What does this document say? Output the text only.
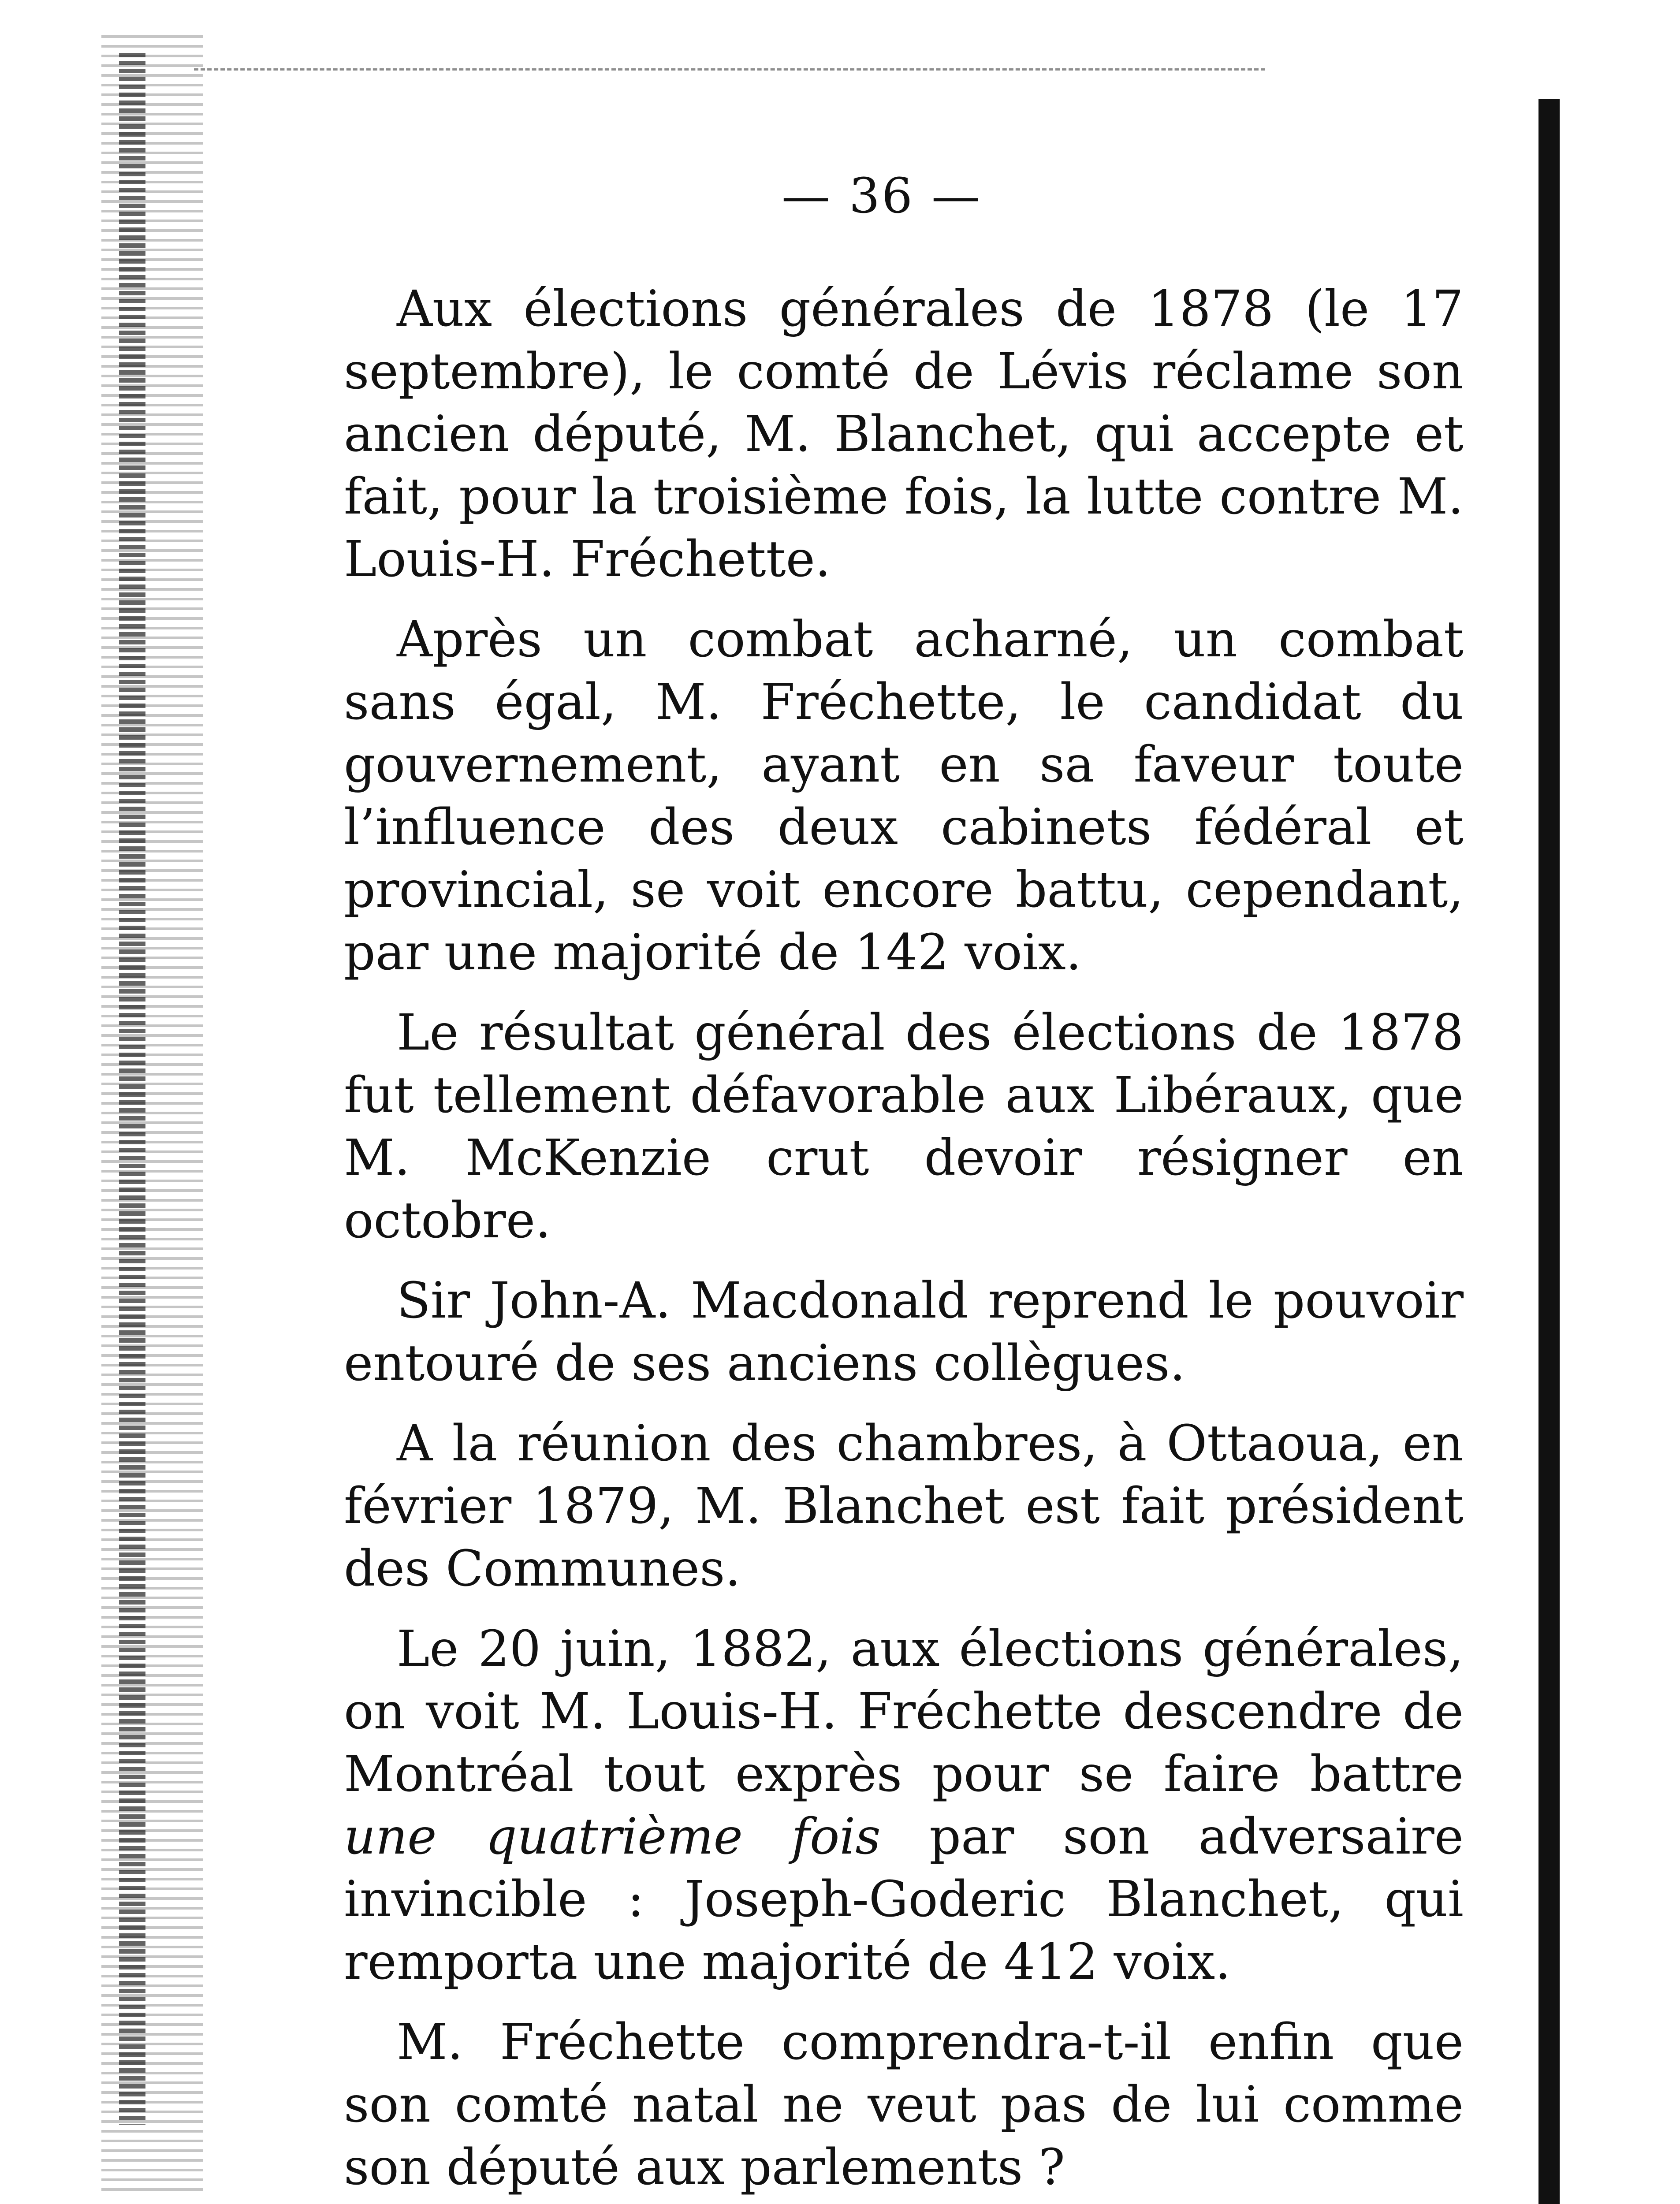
— 36 —

Aux élections générales de 1878 (le 17 septembre), le comté de Lévis réclame son ancien député, M. Blanchet, qui accepte et fait, pour la troisième fois, la lutte contre M. Louis-H. Fréchette.

Après un combat acharné, un combat sans égal, M. Fréchette, le candidat du gouvernement, ayant en sa faveur toute l’influence des deux cabinets fédéral et provincial, se voit encore battu, cependant, par une majorité de 142 voix.

Le résultat général des élections de 1878 fut tellement défavorable aux Libéraux, que M. McKenzie crut devoir résigner en octobre.

Sir John-A. Macdonald reprend le pouvoir entouré de ses anciens collègues.

A la réunion des chambres, à Ottaoua, en février 1879, M. Blanchet est fait président des Communes.

Le 20 juin, 1882, aux élections générales, on voit M. Louis-H. Fréchette descendre de Montréal tout exprès pour se faire battre une quatrième fois par son adversaire invincible : Joseph-Goderic Blanchet, qui remporta une majorité de 412 voix.

M. Fréchette comprendra-t-il enfin que son comté natal ne veut pas de lui comme son député aux parlements ?
